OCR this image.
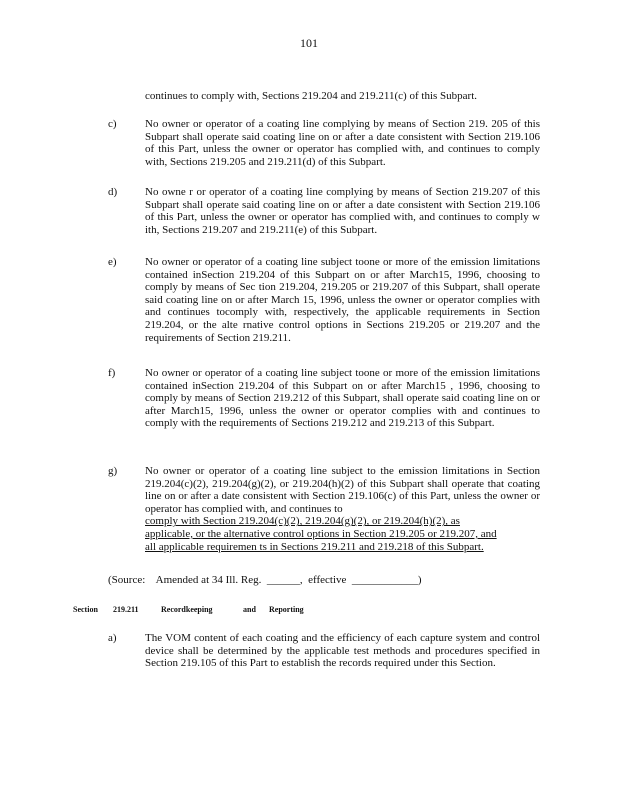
101
continues to comply with, Sections 219.204 and 219.211(c) of this Subpart.
c)	No owner or operator of a coating line complying by means of Section 219. 205 of this Subpart shall operate said coating line on or after a date consistent with Section 219.106 of this Part, unless the owner or operator has complied with, and continues to comply with, Sections 219.205 and 219.211(d) of this Subpart.
d)	No owne r or operator of a coating line complying by means of Section 219.207 of this Subpart shall operate said coating line on or after a date consistent with Section 219.106 of this Part, unless the owner or operator has complied with, and continues to comply w ith, Sections 219.207 and 219.211(e) of this Subpart.
e)	No owner or operator of a coating line subject toone or more of the emission limitations contained inSection 219.204 of this Subpart on or after March15, 1996, choosing to comply by means of Sec tion 219.204, 219.205 or 219.207 of this Subpart, shall operate said coating line on or after March 15, 1996, unless the owner or operator complies with and continues tocomply with, respectively, the applicable requirements in Section 219.204, or the alte rnative control options in Sections 219.205 or 219.207 and the requirements of Section 219.211.
f)	No owner or operator of a coating line subject toone or more of the emission limitations contained inSection 219.204 of this Subpart on or after March15 , 1996, choosing to comply by means of Section 219.212 of this Subpart, shall operate said coating line on or after March15, 1996, unless the owner or operator complies with and continues to comply with the requirements of Sections 219.212 and 219.213 of this Subpart.
g)	No owner or operator of a coating line subject to the emission limitations in Section 219.204(c)(2), 219.204(g)(2), or 219.204(h)(2) of this Subpart shall operate that coating line on or after a date consistent with Section 219.106(c) of this Part, unless the owner or operator has complied with, and continues to
comply with Section 219.204(c)(2), 219.204(g)(2), or 219.204(h)(2), as
applicable, or the alternative control options in Section 219.205 or 219.207, and
all applicable requiremen ts in Sections 219.211 and 219.218 of this Subpart.
(Source: Amended at 34 Ill. Reg. ______, effective ____________)
Section 219.211	Recordkeeping	and Reporting
a)	The VOM content of each coating and the efficiency of each capture system and control device shall be determined by the applicable test methods and procedures specified in Section 219.105 of this Part to establish the records required under this Section.
